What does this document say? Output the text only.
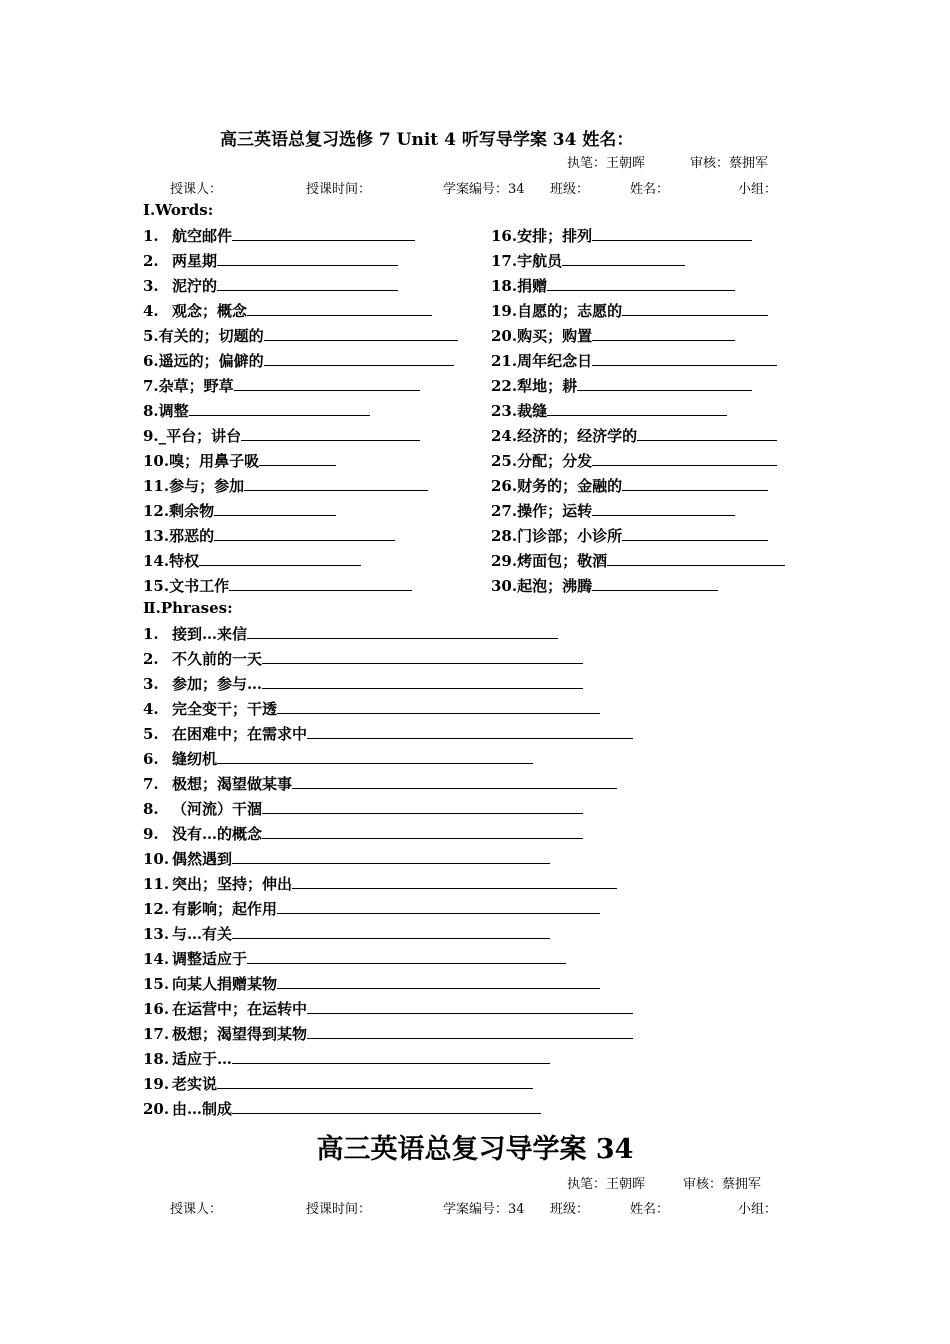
高三英语总复习选修 7 Unit 4 听写导学案 34 姓名：
执笔：王朝晖	审核：蔡拥军
授课人：	授课时间：	学案编号：34 班级：	姓名：	小组：
Ⅰ.Words:
1. 航空邮件
2. 两星期
3. 泥泞的
4. 观念；概念
5.有关的；切题的
6.遥远的；偏僻的
7.杂草；野草
8.调整
9._平台；讲台
10.嗅；用鼻子吸
11.参与；参加
12.剩余物
13.邪恶的
14.特权
15.文书工作
16.安排；排列
17.宇航员
18.捐赠
19.自愿的；志愿的
20.购买；购置
21.周年纪念日
22.犁地；耕
23.裁缝
24.经济的；经济学的
25.分配；分发
26.财务的；金融的
27.操作；运转
28.门诊部；小诊所
29.烤面包；敬酒
30.起泡；沸腾
Ⅱ.Phrases:
1. 接到…来信
2. 不久前的一天
3. 参加；参与…
4. 完全变干；干透
5. 在困难中；在需求中
6. 缝纫机
7. 极想；渴望做某事
8. （河流）干涸
9. 没有…的概念
10. 偶然遇到
11. 突出；坚持；伸出
12. 有影响；起作用
13. 与…有关
14. 调整适应于
15. 向某人捐赠某物
16. 在运营中；在运转中
17. 极想；渴望得到某物
18. 适应于…
19. 老实说
20. 由…制成
高三英语总复习导学案 34
执笔：王朝晖	审核：蔡拥军
授课人：	授课时间：	学案编号：34 班级：	姓名：	小组：
